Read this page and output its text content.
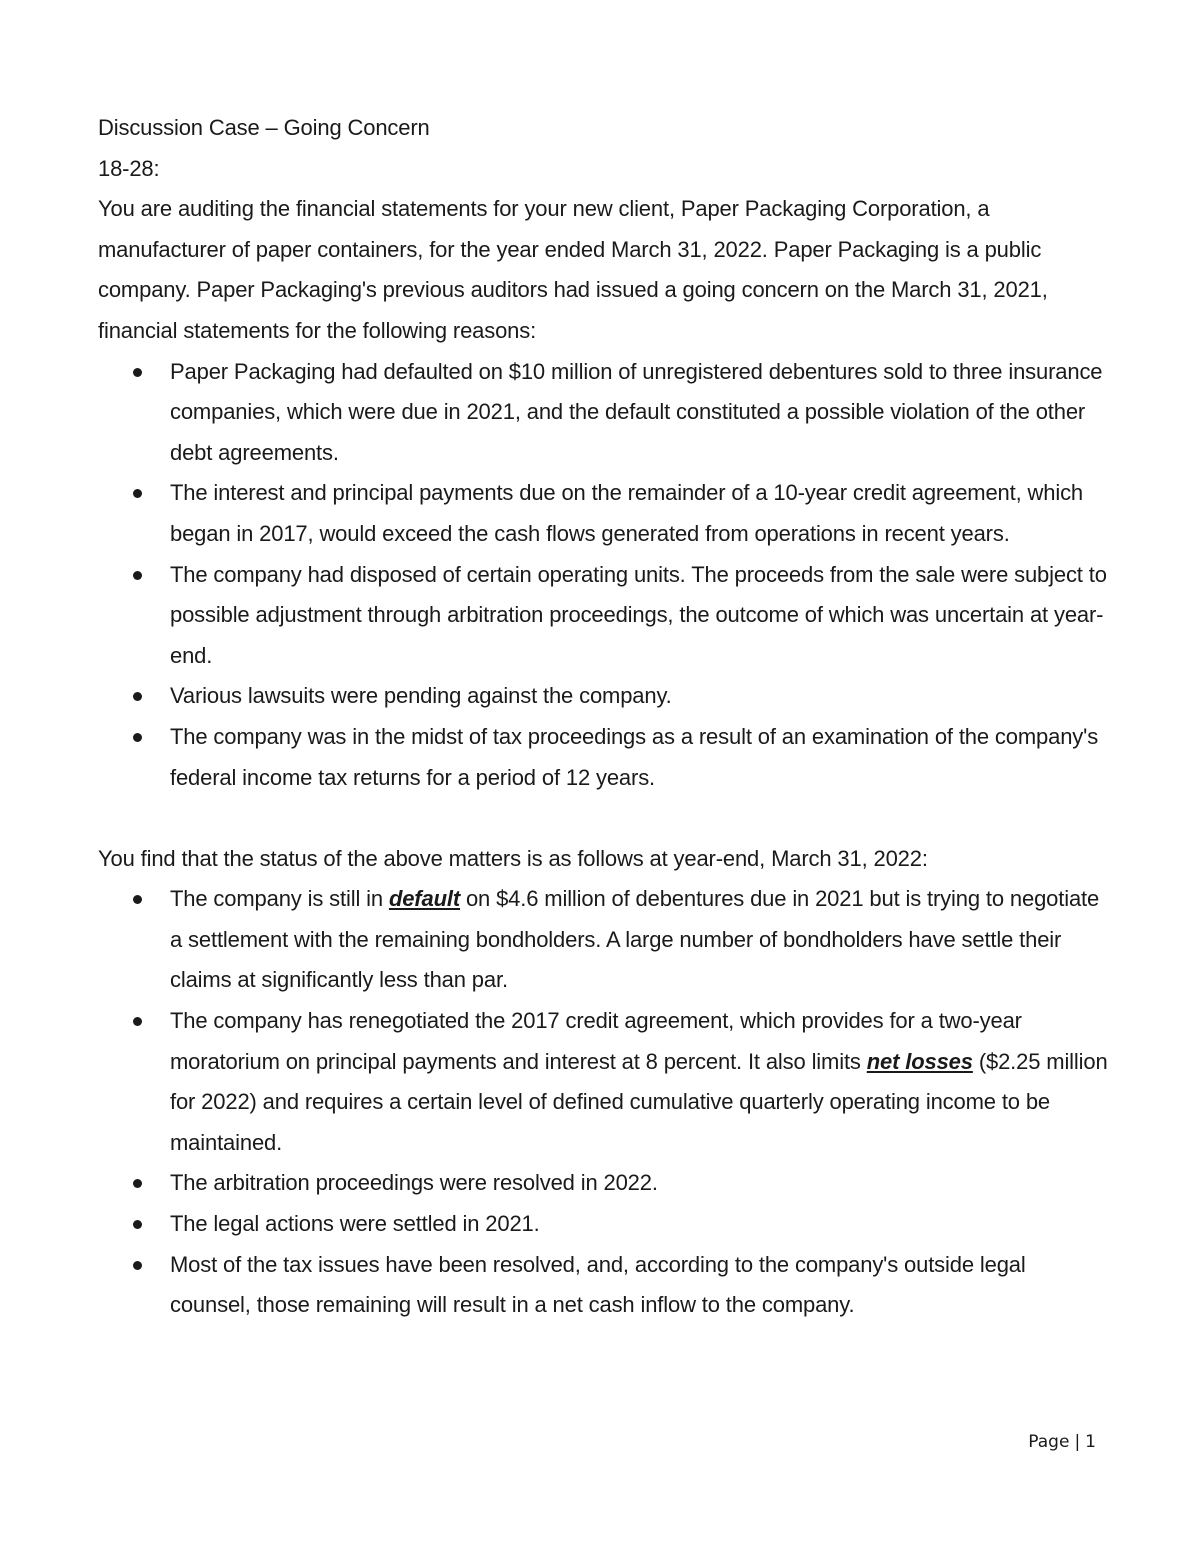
Discussion Case – Going Concern

18-28:

You are auditing the financial statements for your new client, Paper Packaging Corporation, a manufacturer of paper containers, for the year ended March 31, 2022. Paper Packaging is a public company. Paper Packaging's previous auditors had issued a going concern on the March 31, 2021, financial statements for the following reasons:

Paper Packaging had defaulted on $10 million of unregistered debentures sold to three insurance companies, which were due in 2021, and the default constituted a possible violation of the other debt agreements.
The interest and principal payments due on the remainder of a 10-year credit agreement, which began in 2017, would exceed the cash flows generated from operations in recent years.
The company had disposed of certain operating units. The proceeds from the sale were subject to possible adjustment through arbitration proceedings, the outcome of which was uncertain at year-end.
Various lawsuits were pending against the company.
The company was in the midst of tax proceedings as a result of an examination of the company's federal income tax returns for a period of 12 years.

You find that the status of the above matters is as follows at year-end, March 31, 2022:

The company is still in default on $4.6 million of debentures due in 2021 but is trying to negotiate a settlement with the remaining bondholders. A large number of bondholders have settle their claims at significantly less than par.
The company has renegotiated the 2017 credit agreement, which provides for a two-year moratorium on principal payments and interest at 8 percent. It also limits net losses ($2.25 million for 2022) and requires a certain level of defined cumulative quarterly operating income to be maintained.
The arbitration proceedings were resolved in 2022.
The legal actions were settled in 2021.
Most of the tax issues have been resolved, and, according to the company's outside legal counsel, those remaining will result in a net cash inflow to the company.
Page | 1
